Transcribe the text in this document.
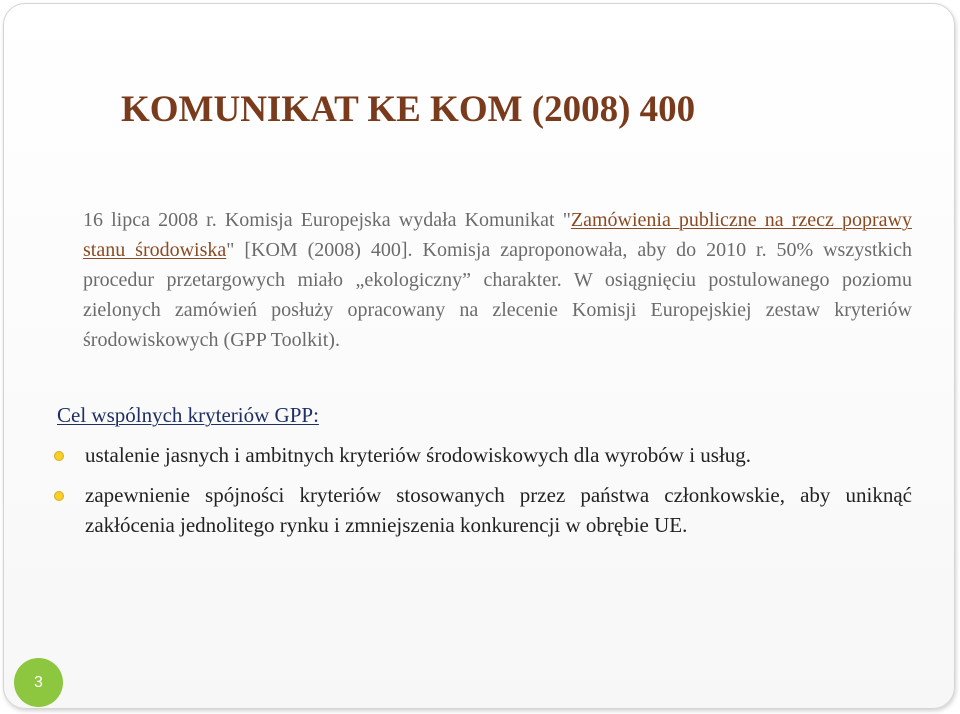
KOMUNIKAT KE KOM (2008) 400

16 lipca 2008 r. Komisja Europejska wydała Komunikat "Zamówienia publiczne na rzecz poprawy stanu środowiska" [KOM (2008) 400]. Komisja zaproponowała, aby do 2010 r. 50% wszystkich procedur przetargowych miało „ekologiczny” charakter. W osiągnięciu postulowanego poziomu zielonych zamówień posłuży opracowany na zlecenie Komisji Europejskiej zestaw kryteriów środowiskowych (GPP Toolkit).

Cel wspólnych kryteriów GPP:

ustalenie jasnych i ambitnych kryteriów środowiskowych dla wyrobów i usług.
zapewnienie spójności kryteriów stosowanych przez państwa członkowskie, aby uniknąć zakłócenia jednolitego rynku i zmniejszenia konkurencji w obrębie UE.
3
